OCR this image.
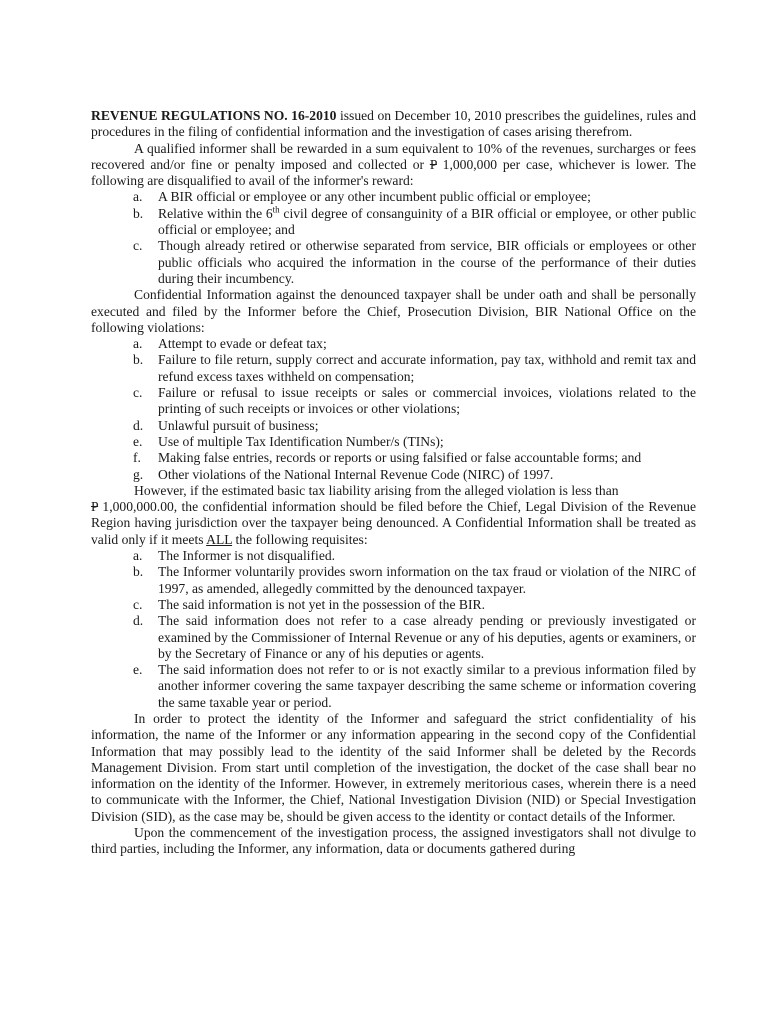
REVENUE REGULATIONS NO. 16-2010 issued on December 10, 2010 prescribes the guidelines, rules and procedures in the filing of confidential information and the investigation of cases arising therefrom.

A qualified informer shall be rewarded in a sum equivalent to 10% of the revenues, surcharges or fees recovered and/or fine or penalty imposed and collected or P 1,000,000 per case, whichever is lower. The following are disqualified to avail of the informer's reward:

a. A BIR official or employee or any other incumbent public official or employee;
b. Relative within the 6th civil degree of consanguinity of a BIR official or employee, or other public official or employee; and
c. Though already retired or otherwise separated from service, BIR officials or employees or other public officials who acquired the information in the course of the performance of their duties during their incumbency.

Confidential Information against the denounced taxpayer shall be under oath and shall be personally executed and filed by the Informer before the Chief, Prosecution Division, BIR National Office on the following violations:

a. Attempt to evade or defeat tax;
b. Failure to file return, supply correct and accurate information, pay tax, withhold and remit tax and refund excess taxes withheld on compensation;
c. Failure or refusal to issue receipts or sales or commercial invoices, violations related to the printing of such receipts or invoices or other violations;
d. Unlawful pursuit of business;
e. Use of multiple Tax Identification Number/s (TINs);
f. Making false entries, records or reports or using falsified or false accountable forms; and
g. Other violations of the National Internal Revenue Code (NIRC) of 1997.

However, if the estimated basic tax liability arising from the alleged violation is less than
P 1,000,000.00, the confidential information should be filed before the Chief, Legal Division of the Revenue Region having jurisdiction over the taxpayer being denounced. A Confidential Information shall be treated as valid only if it meets ALL the following requisites:

a. The Informer is not disqualified.
b. The Informer voluntarily provides sworn information on the tax fraud or violation of the NIRC of 1997, as amended, allegedly committed by the denounced taxpayer.
c. The said information is not yet in the possession of the BIR.
d. The said information does not refer to a case already pending or previously investigated or examined by the Commissioner of Internal Revenue or any of his deputies, agents or examiners, or by the Secretary of Finance or any of his deputies or agents.
e. The said information does not refer to or is not exactly similar to a previous information filed by another informer covering the same taxpayer describing the same scheme or information covering the same taxable year or period.

In order to protect the identity of the Informer and safeguard the strict confidentiality of his information, the name of the Informer or any information appearing in the second copy of the Confidential Information that may possibly lead to the identity of the said Informer shall be deleted by the Records Management Division. From start until completion of the investigation, the docket of the case shall bear no information on the identity of the Informer. However, in extremely meritorious cases, wherein there is a need to communicate with the Informer, the Chief, National Investigation Division (NID) or Special Investigation Division (SID), as the case may be, should be given access to the identity or contact details of the Informer.

Upon the commencement of the investigation process, the assigned investigators shall not divulge to third parties, including the Informer, any information, data or documents gathered during
